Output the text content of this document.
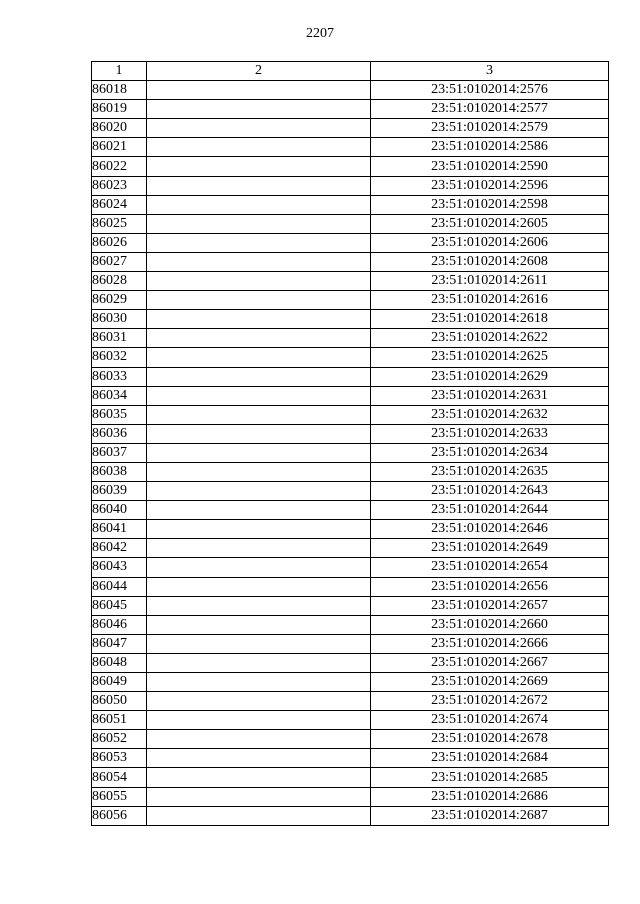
2207
1	2	3
86018		23:51:0102014:2576
86019		23:51:0102014:2577
86020		23:51:0102014:2579
86021		23:51:0102014:2586
86022		23:51:0102014:2590
86023		23:51:0102014:2596
86024		23:51:0102014:2598
86025		23:51:0102014:2605
86026		23:51:0102014:2606
86027		23:51:0102014:2608
86028		23:51:0102014:2611
86029		23:51:0102014:2616
86030		23:51:0102014:2618
86031		23:51:0102014:2622
86032		23:51:0102014:2625
86033		23:51:0102014:2629
86034		23:51:0102014:2631
86035		23:51:0102014:2632
86036		23:51:0102014:2633
86037		23:51:0102014:2634
86038		23:51:0102014:2635
86039		23:51:0102014:2643
86040		23:51:0102014:2644
86041		23:51:0102014:2646
86042		23:51:0102014:2649
86043		23:51:0102014:2654
86044		23:51:0102014:2656
86045		23:51:0102014:2657
86046		23:51:0102014:2660
86047		23:51:0102014:2666
86048		23:51:0102014:2667
86049		23:51:0102014:2669
86050		23:51:0102014:2672
86051		23:51:0102014:2674
86052		23:51:0102014:2678
86053		23:51:0102014:2684
86054		23:51:0102014:2685
86055		23:51:0102014:2686
86056		23:51:0102014:2687
